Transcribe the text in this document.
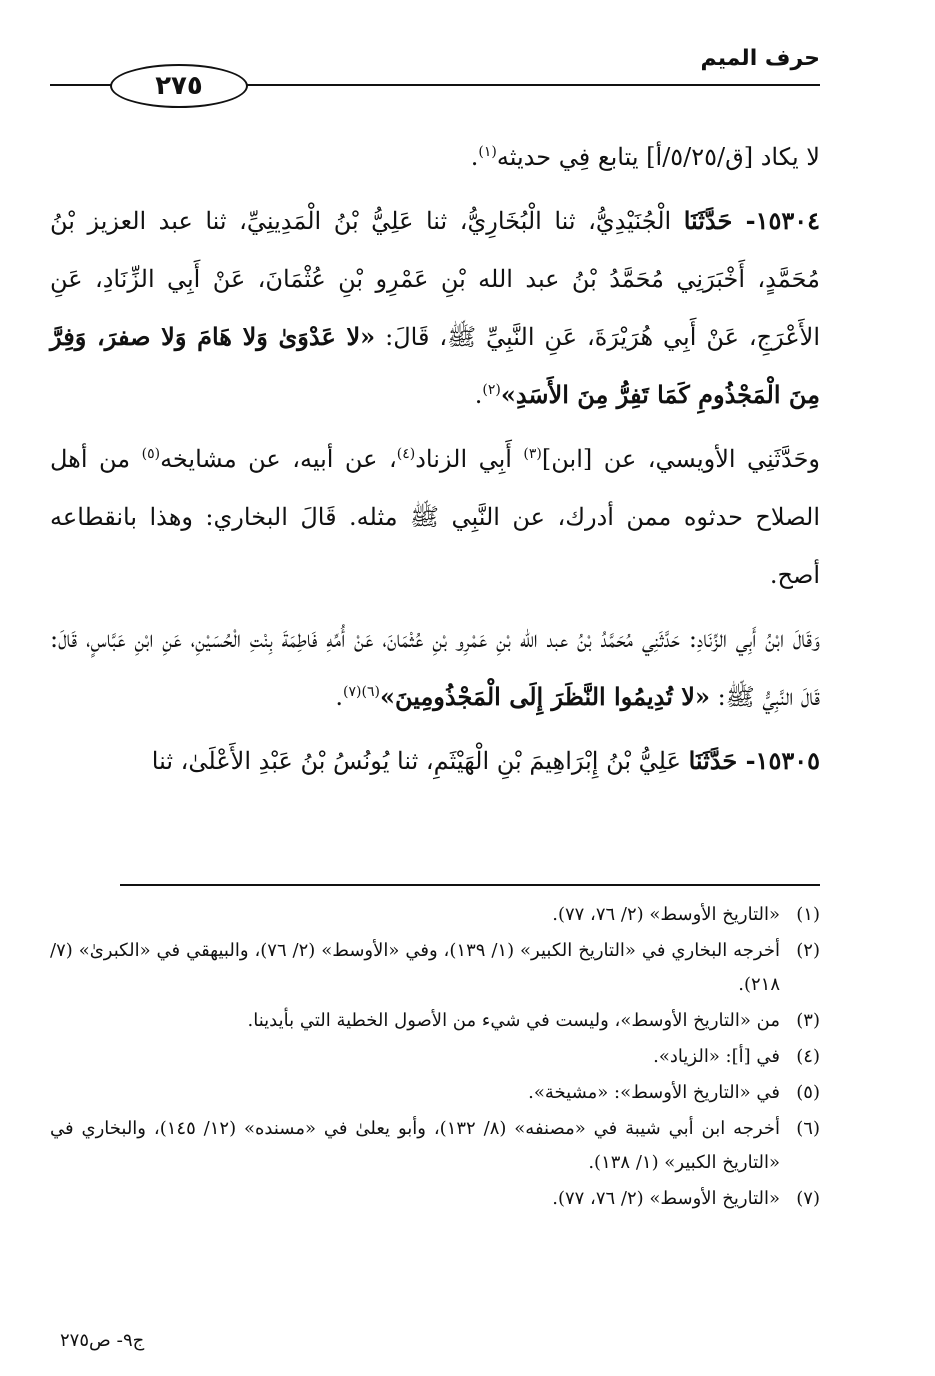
حرف الميم
٢٧٥

لا يكاد [ق/٥/٢٥/أ] يتابع فِي حديثه$^{(١)}$.

١٥٣٠٤- حَدَّثَنَا الْجُنَيْدِيُّ، ثنا الْبُخَارِيُّ، ثنا عَلِيُّ بْنُ الْمَدِينِيِّ، ثنا عبد العزيز بْنُ مُحَمَّدٍ، أَخْبَرَنِي مُحَمَّدُ بْنُ عبد الله بْنِ عَمْرِو بْنِ عُثْمَانَ، عَنْ أَبِي الزِّنَادِ، عَنِ الأَعْرَجِ، عَنْ أَبِي هُرَيْرَةَ، عَنِ النَّبِيِّ ﷺ، قَالَ: «لا عَدْوَىٰ وَلا هَامَ وَلا صفرَ، وَفِرَّ مِنَ الْمَجْذُومِ كَمَا تَفِرُّ مِنَ الأَسَدِ»$^{(٢)}$.

وحَدَّثَنِي الأويسي، عن [ابن]$^{(٣)}$ أَبِي الزناد$^{(٤)}$، عن أبيه، عن مشايخه$^{(٥)}$ من أهل الصلاح حدثوه ممن أدرك، عن النَّبِي ﷺ مثله. قَالَ البخاري: وهذا بانقطاعه أصح.

وَقَالَ ابْنُ أَبِي الزِّنَادِ: حَدَّثَنِي مُحَمَّدُ بْنُ عبد الله بْنِ عَمْرِو بْنِ عُثْمَانَ، عَنْ أُمِّهِ فَاطِمَةَ بِنْتِ الْحُسَيْنِ، عَنِ ابْنِ عَبَّاسٍ، قَالَ: قَالَ النَّبِيُّ ﷺ: «لا تُدِيمُوا النَّظَرَ إِلَى الْمَجْذُومِينَ»$^{(٦)(٧)}$.

١٥٣٠٥- حَدَّثَنَا عَلِيُّ بْنُ إِبْرَاهِيمَ بْنِ الْهَيْثَمِ، ثنا يُونُسُ بْنُ عَبْدِ الأَعْلَىٰ، ثنا

(١)
«التاريخ الأوسط» (٢/ ٧٦، ٧٧).
(٢)
أخرجه البخاري في «التاريخ الكبير» (١/ ١٣٩)، وفي «الأوسط» (٢/ ٧٦)، والبيهقي في «الكبرىٰ» (٧/ ٢١٨).
(٣)
من «التاريخ الأوسط»، وليست في شيء من الأصول الخطية التي بأيدينا.
(٤)
في [أ]: «الزياد».
(٥)
في «التاريخ الأوسط»: «مشيخة».
(٦)
أخرجه ابن أبي شيبة في «مصنفه» (٨/ ١٣٢)، وأبو يعلىٰ في «مسنده» (١٢/ ١٤٥)، والبخاري في «التاريخ الكبير» (١/ ١٣٨).
(٧)
«التاريخ الأوسط» (٢/ ٧٦، ٧٧).
ج٩- ص٢٧٥
